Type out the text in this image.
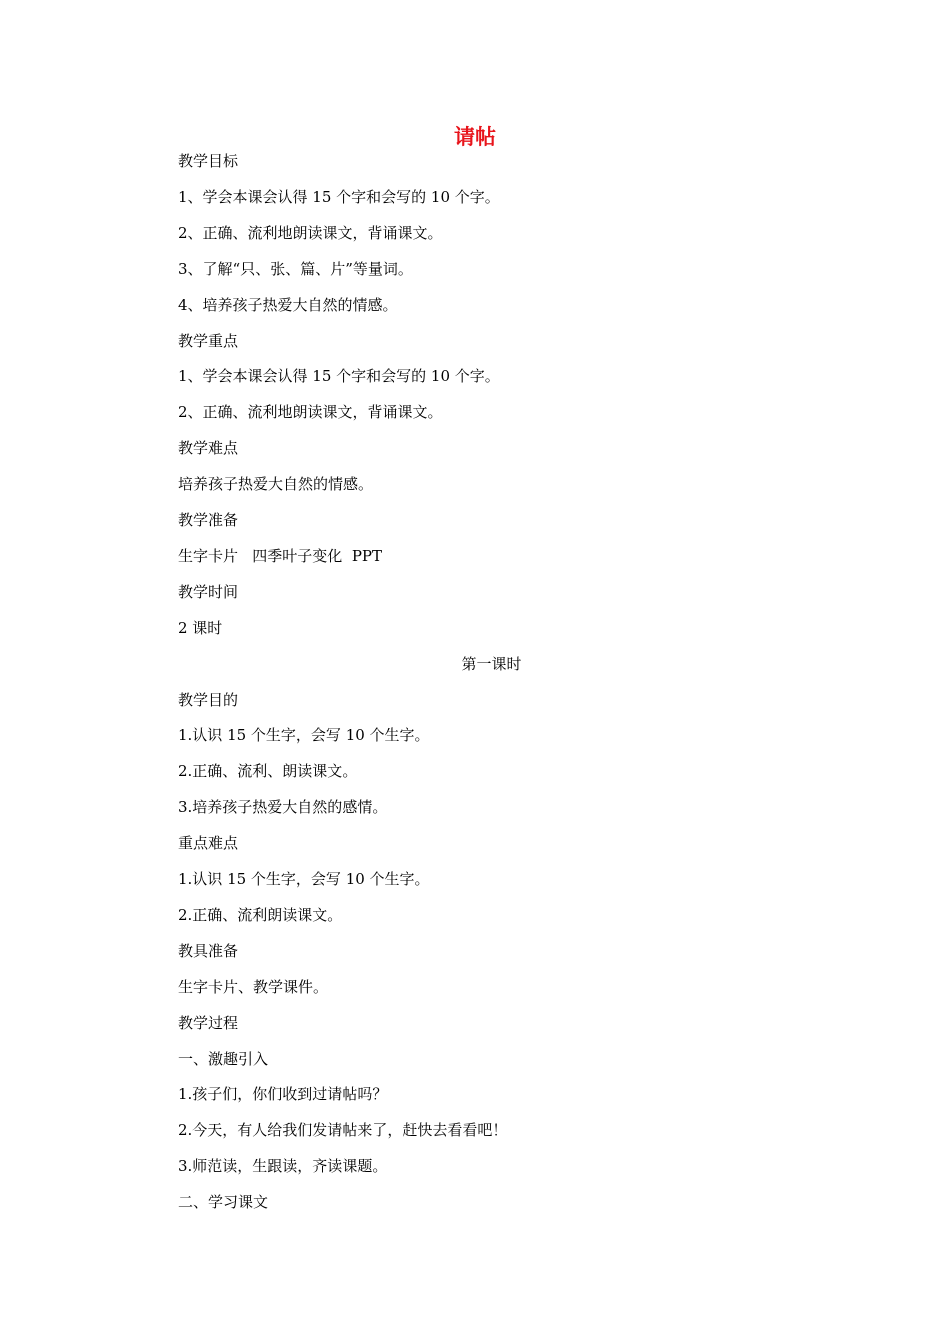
请帖
教学目标
1、学会本课会认得 15 个字和会写的 10 个字。
2、正确、流利地朗读课文，背诵课文。
3、了解“只、张、篇、片”等量词。
4、培养孩子热爱大自然的情感。
教学重点
1、学会本课会认得 15 个字和会写的 10 个字。
2、正确、流利地朗读课文，背诵课文。
教学难点
培养孩子热爱大自然的情感。
教学准备
生字卡片   四季叶子变化  PPT
教学时间
2 课时
第一课时
教学目的
1.认识 15 个生字，会写 10 个生字。
2.正确、流利、朗读课文。
3.培养孩子热爱大自然的感情。
重点难点
1.认识 15 个生字，会写 10 个生字。
2.正确、流利朗读课文。
教具准备
生字卡片、教学课件。
教学过程
一、激趣引入
1.孩子们，你们收到过请帖吗？
2.今天，有人给我们发请帖来了，赶快去看看吧！
3.师范读，生跟读，齐读课题。
二、学习课文
